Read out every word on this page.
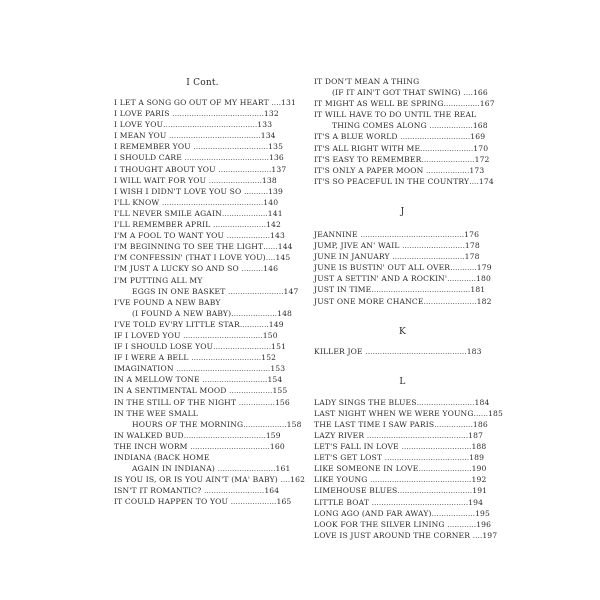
I Cont.
I LET A SONG GO OUT OF MY HEART ....131
I LOVE PARIS ......................................132
I LOVE YOU.......................................133
I MEAN YOU ......................................134
I REMEMBER YOU ...............................135
I SHOULD CARE ...................................136
I THOUGHT ABOUT YOU ......................137
I WILL WAIT FOR YOU ......................138
I WISH I DIDN'T LOVE YOU SO ..........139
I'LL KNOW ..........................................140
I'LL NEVER SMILE AGAIN...................141
I'LL REMEMBER APRIL ......................142
I'M A FOOL TO WANT YOU ..................143
I'M BEGINNING TO SEE THE LIGHT......144
I'M CONFESSIN' (THAT I LOVE YOU)....145
I'M JUST A LUCKY SO AND SO .........146
I'M PUTTING ALL MY
EGGS IN ONE BASKET .......................147
I'VE FOUND A NEW BABY
(I FOUND A NEW BABY)...................148
I'VE TOLD EV'RY LITTLE STAR............149
IF I LOVED YOU .................................150
IF I SHOULD LOSE YOU........................151
IF I WERE A BELL .............................152
IMAGINATION .......................................153
IN A MELLOW TONE ...........................154
IN A SENTIMENTAL MOOD ..................155
IN THE STILL OF THE NIGHT ...............156
IN THE WEE SMALL
HOURS OF THE MORNING..................158
IN WALKED BUD..................................159
THE INCH WORM .................................160
INDIANA (BACK HOME
AGAIN IN INDIANA) ........................161
IS YOU IS, OR IS YOU AIN'T (MA' BABY) ....162
ISN'T IT ROMANTIC? .........................164
IT COULD HAPPEN TO YOU ...................165
IT DON'T MEAN A THING
(IF IT AIN'T GOT THAT SWING) ....166
IT MIGHT AS WELL BE SPRING...............167
IT WILL HAVE TO DO UNTIL THE REAL
THING COMES ALONG ..................168
IT'S A BLUE WORLD .............................169
IT'S ALL RIGHT WITH ME......................170
IT'S EASY TO REMEMBER......................172
IT'S ONLY A PAPER MOON ..................173
IT'S SO PEACEFUL IN THE COUNTRY....174
J
JEANNINE ...........................................176
JUMP, JIVE AN' WAIL ..........................178
JUNE IN JANUARY ..............................178
JUNE IS BUSTIN' OUT ALL OVER...........179
JUST A SETTIN' AND A ROCKIN'............180
JUST IN TIME.........................................181
JUST ONE MORE CHANCE......................182
K
KILLER JOE ..........................................183
L
LADY SINGS THE BLUES........................184
LAST NIGHT WHEN WE WERE YOUNG......185
THE LAST TIME I SAW PARIS................186
LAZY RIVER ..........................................187
LET'S FALL IN LOVE .............................188
LET'S GET LOST ...................................189
LIKE SOMEONE IN LOVE......................190
LIKE YOUNG ..........................................192
LIMEHOUSE BLUES...............................191
LITTLE BOAT ........................................194
LONG AGO (AND FAR AWAY)..................195
LOOK FOR THE SILVER LINING ............196
LOVE IS JUST AROUND THE CORNER ....197
